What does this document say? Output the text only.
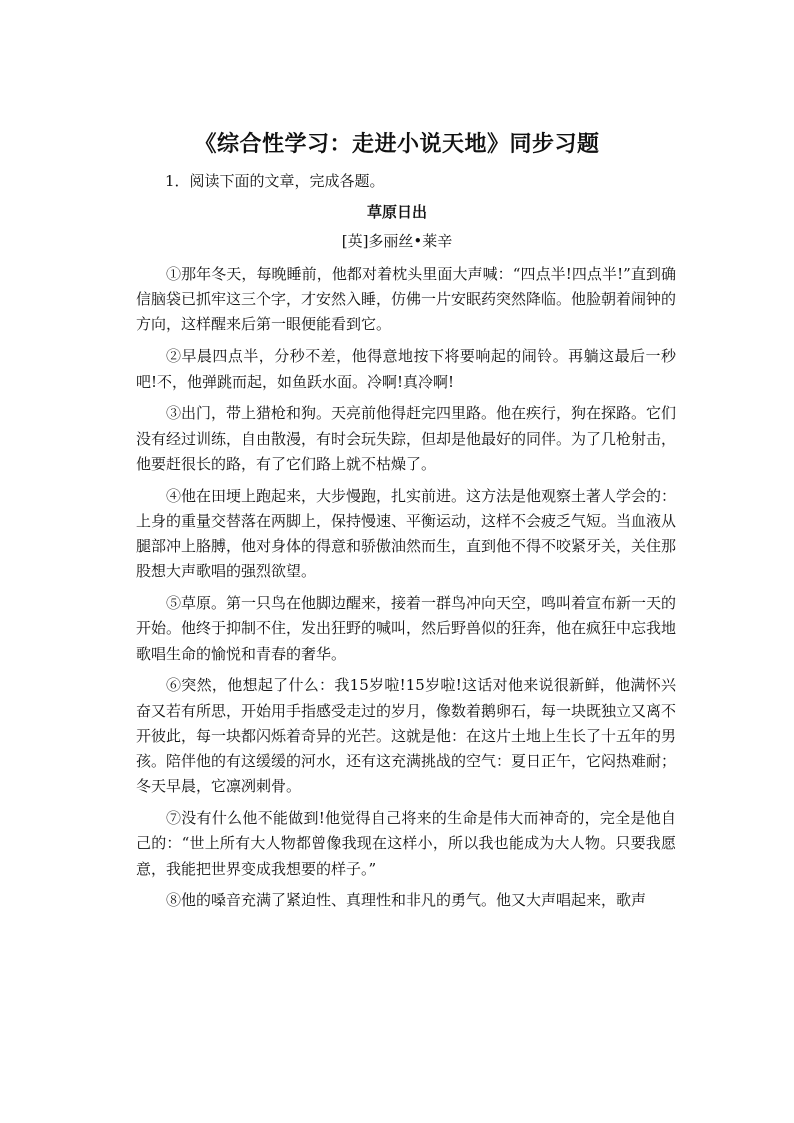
《综合性学习：走进小说天地》同步习题
1．阅读下面的文章，完成各题。
草原日出
[英]多丽丝•莱辛

①那年冬天，每晚睡前，他都对着枕头里面大声喊：“四点半!四点半!”直到确信脑袋已抓牢这三个字，才安然入睡，仿佛一片安眠药突然降临。他脸朝着闹钟的方向，这样醒来后第一眼便能看到它。

②早晨四点半，分秒不差，他得意地按下将要响起的闹铃。再躺这最后一秒吧!不，他弹跳而起，如鱼跃水面。冷啊!真冷啊!

③出门，带上猎枪和狗。天亮前他得赶完四里路。他在疾行，狗在探路。它们没有经过训练，自由散漫，有时会玩失踪，但却是他最好的同伴。为了几枪射击，他要赶很长的路，有了它们路上就不枯燥了。

④他在田埂上跑起来，大步慢跑，扎实前进。这方法是他观察土著人学会的：上身的重量交替落在两脚上，保持慢速、平衡运动，这样不会疲乏气短。当血液从腿部冲上胳膊，他对身体的得意和骄傲油然而生，直到他不得不咬紧牙关，关住那股想大声歌唱的强烈欲望。

⑤草原。第一只鸟在他脚边醒来，接着一群鸟冲向天空，鸣叫着宣布新一天的开始。他终于抑制不住，发出狂野的喊叫，然后野兽似的狂奔，他在疯狂中忘我地歌唱生命的愉悦和青春的奢华。

⑥突然，他想起了什么：我15岁啦!15岁啦!这话对他来说很新鲜，他满怀兴奋又若有所思，开始用手指感受走过的岁月，像数着鹅卵石，每一块既独立又离不开彼此，每一块都闪烁着奇异的光芒。这就是他：在这片土地上生长了十五年的男孩。陪伴他的有这缓缓的河水，还有这充满挑战的空气：夏日正午，它闷热难耐；冬天早晨，它凛冽刺骨。

⑦没有什么他不能做到!他觉得自己将来的生命是伟大而神奇的，完全是他自己的：“世上所有大人物都曾像我现在这样小，所以我也能成为大人物。只要我愿意，我能把世界变成我想要的样子。”

⑧他的嗓音充满了紧迫性、真理性和非凡的勇气。他又大声唱起来，歌声
